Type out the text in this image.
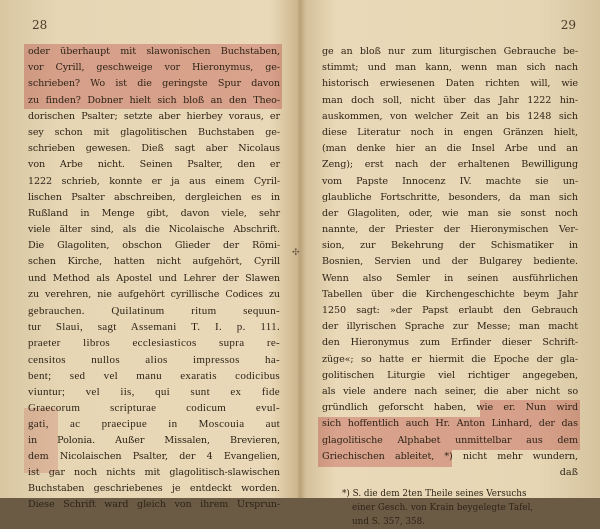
28
oder überhaupt mit slawonischen Buchstaben,
vor Cyrill, geschweige vor Hieronymus, ge-
schrieben? Wo ist die geringste Spur davon
zu finden? Dobner hielt sich bloß an den Theo-
dorischen Psalter; setzte aber hierbey voraus, er
sey schon mit glagolitischen Buchstaben ge-
schrieben gewesen. Dieß sagt aber Nicolaus
von Arbe nicht. Seinen Psalter, den er
1222 schrieb, konnte er ja aus einem Cyril-
lischen Psalter abschreiben, dergleichen es in
Rußland in Menge gibt, davon viele, sehr
viele älter sind, als die Nicolaische Abschrift.
Die Glagoliten, obschon Glieder der Römi-
schen Kirche, hatten nicht aufgehört, Cyrill
und Method als Apostel und Lehrer der Slawen
zu verehren, nie aufgehört cyrillische Codices zu
gebrauchen. Quilatinum ritum sequun-
tur Slaui, sagt Assemani T. I. p. 111.
praeter libros ecclesiasticos supra re-
censitos nullos alios impressos ha-
bent; sed vel manu exaratis codicibus
viuntur; vel iis, qui sunt ex fide
Graecorum scripturae codicum evul-
gati, ac praecipue in Moscouia aut
in Polonia. Außer Missalen, Brevieren,
dem Nicolaischen Psalter, der 4 Evangelien,
ist gar noch nichts mit glagolitisch-slawischen
Buchstaben geschriebenes je entdeckt worden.
Diese Schrift ward gleich von ihrem Ursprun-
✣
29
ge an bloß nur zum liturgischen Gebrauche be-
stimmt; und man kann, wenn man sich nach
historisch erwiesenen Daten richten will, wie
man doch soll, nicht über das Jahr 1222 hin-
auskommen, von welcher Zeit an bis 1248 sich
diese Literatur noch in engen Gränzen hielt,
(man denke hier an die Insel Arbe und an
Zeng); erst nach der erhaltenen Bewilligung
vom Papste Innocenz IV. machte sie un-
glaubliche Fortschritte, besonders, da man sich
der Glagoliten, oder, wie man sie sonst noch
nannte, der Priester der Hieronymischen Ver-
sion, zur Bekehrung der Schismatiker in
Bosnien, Servien und der Bulgarey bediente.
Wenn also Semler in seinen ausführlichen
Tabellen über die Kirchengeschichte beym Jahr
1250 sagt: »der Papst erlaubt den Gebrauch
der illyrischen Sprache zur Messe; man macht
den Hieronymus zum Erfinder dieser Schrift-
züge«; so hatte er hiermit die Epoche der gla-
golitischen Liturgie viel richtiger angegeben,
als viele andere nach seiner, die aber nicht so
gründlich geforscht haben, wie er. Nun wird
sich hoffentlich auch Hr. Anton Linhard, der das
glagolitische Alphabet unmittelbar aus dem
Griechischen ableitet, *) nicht mehr wundern,
daß
*) S. die dem 2ten Theile seines Versuchs
einer Gesch. von Krain beygelegte Tafel,
und S. 357, 358.
